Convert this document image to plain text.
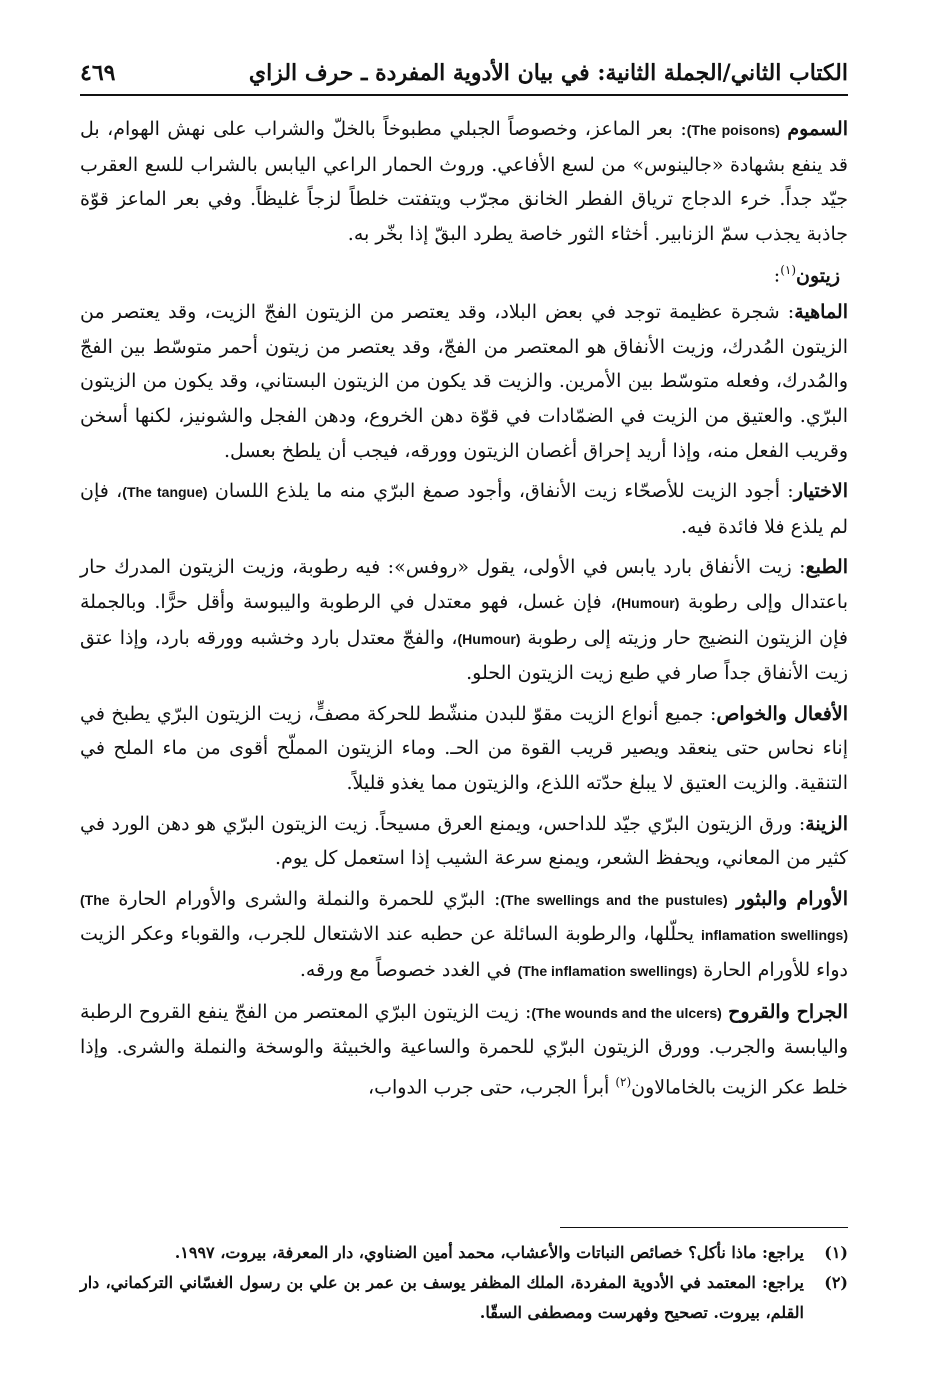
الكتاب الثاني/الجملة الثانية: في بيان الأدوية المفردة ـ حرف الزاي
٤٦٩

السموم (The poisons): بعر الماعز، وخصوصاً الجبلي مطبوخاً بالخلّ والشراب على نهش الهوام، بل قد ينفع بشهادة «جالينوس» من لسع الأفاعي. وروث الحمار الراعي اليابس بالشراب للسع العقرب جيّد جداً. خرء الدجاج ترياق الفطر الخانق مجرّب ويتفتت خلطاً لزجاً غليظاً. وفي بعر الماعز قوّة جاذبة يجذب سمّ الزنابير. أخثاء الثور خاصة يطرد البقّ إذا بخّر به.

زيتون$^{(١)}$:

الماهية: شجرة عظيمة توجد في بعض البلاد، وقد يعتصر من الزيتون الفجّ الزيت، وقد يعتصر من الزيتون المُدرك، وزيت الأنفاق هو المعتصر من الفجّ، وقد يعتصر من زيتون أحمر متوسّط بين الفجّ والمُدرك، وفعله متوسّط بين الأمرين. والزيت قد يكون من الزيتون البستاني، وقد يكون من الزيتون البرّي. والعتيق من الزيت في الضمّادات في قوّة دهن الخروع، ودهن الفجل والشونيز، لكنها أسخن وقريب الفعل منه، وإذا أريد إحراق أغصان الزيتون وورقه، فيجب أن يلطخ بعسل.

الاختيار: أجود الزيت للأصحّاء زيت الأنفاق، وأجود صمغ البرّي منه ما يلذع اللسان (The tangue)، فإن لم يلذع فلا فائدة فيه.

الطبع: زيت الأنفاق بارد يابس في الأولى، يقول «روفس»: فيه رطوبة، وزيت الزيتون المدرك حار باعتدال وإلى رطوبة (Humour)، فإن غسل، فهو معتدل في الرطوبة واليبوسة وأقل حرًّا. وبالجملة فإن الزيتون النضيج حار وزيته إلى رطوبة (Humour)، والفجّ معتدل بارد وخشبه وورقه بارد، وإذا عتق زيت الأنفاق جداً صار في طبع زيت الزيتون الحلو.

الأفعال والخواص: جميع أنواع الزيت مقوّ للبدن منشّط للحركة مصفٍّ، زيت الزيتون البرّي يطبخ في إناء نحاس حتى ينعقد ويصير قريب القوة من الحـ. وماء الزيتون المملّح أقوى من ماء الملح في التنقية. والزيت العتيق لا يبلغ حدّته اللذع، والزيتون مما يغذو قليلاً.

الزينة: ورق الزيتون البرّي جيّد للداحس، ويمنع العرق مسيحاً. زيت الزيتون البرّي هو دهن الورد في كثير من المعاني، ويحفظ الشعر، ويمنع سرعة الشيب إذا استعمل كل يوم.

الأورام والبثور (The swellings and the pustules): البرّي للحمرة والنملة والشرى والأورام الحارة (The inflamation swellings) يحلّلها، والرطوبة السائلة عن حطبه عند الاشتعال للجرب، والقوباء وعكر الزيت دواء للأورام الحارة (The inflamation swellings) في الغدد خصوصاً مع ورقه.

الجراح والقروح (The wounds and the ulcers): زيت الزيتون البرّي المعتصر من الفجّ ينفع القروح الرطبة واليابسة والجرب. وورق الزيتون البرّي للحمرة والساعية والخبيثة والوسخة والنملة والشرى. وإذا خلط عكر الزيت بالخامالاون$^{(٢)}$ أبرأ الجرب، حتى جرب الدواب،

(١)
يراجع: ماذا نأكل؟ خصائص النباتات والأعشاب، محمد أمين الضناوي، دار المعرفة، بيروت، ١٩٩٧.
(٢)
يراجع: المعتمد في الأدوية المفردة، الملك المظفر يوسف بن عمر بن علي بن رسول الغسّاني التركماني، دار القلم، بيروت. تصحيح وفهرست ومصطفى السقّا.
